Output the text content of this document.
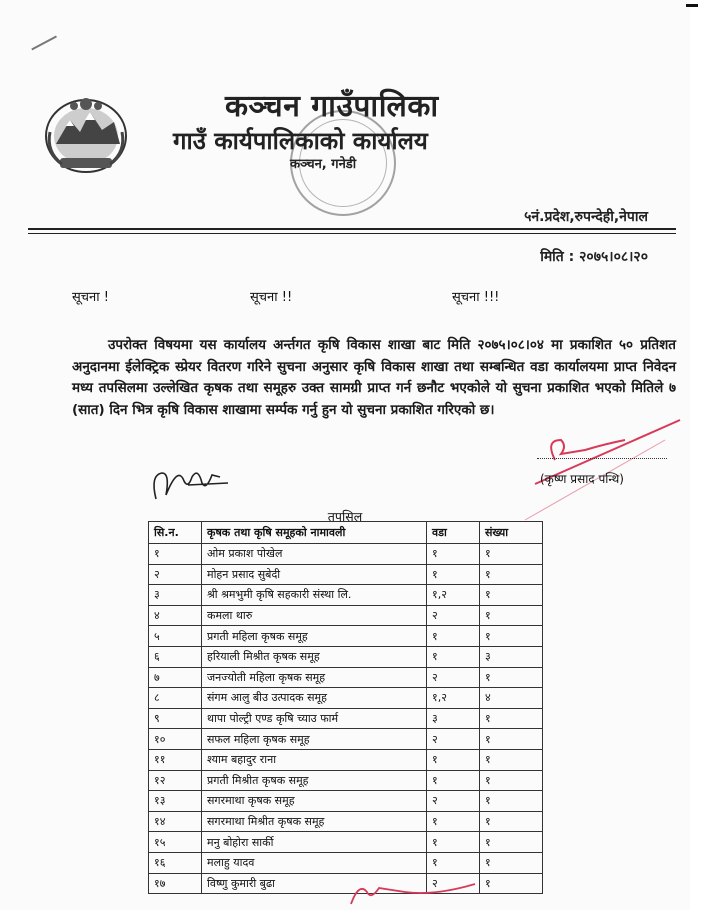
कञ्चन गाउँपालिका
गाउँ कार्यपालिकाको कार्यालय
कञ्चन, गनेडी
५नं.प्रदेश,रुपन्देही,नेपाल
मिति : २०७५।०८।२०
सूचना !	सूचना !!	सूचना !!!
उपरोक्त विषयमा यस कार्यालय अर्न्तगत कृषि विकास शाखा बाट मिति २०७५।०८।०४ मा प्रकाशित ५० प्रतिशत अनुदानमा ईलेक्ट्रिक स्प्रेयर वितरण गरिने सुचना अनुसार कृषि विकास शाखा तथा सम्बन्धित वडा कार्यालयमा प्राप्त निवेदन मध्य तपसिलमा उल्लेखित कृषक तथा समूहरु उक्त सामग्री प्राप्त गर्न छनौट भएकोले यो सुचना प्रकाशित भएको मितिले ७ (सात) दिन भित्र कृषि विकास शाखामा सर्म्पक गर्नु हुन यो सुचना प्रकाशित गरिएको छ।
(कृष्ण प्रसाद पन्थि)
तपसिल
सि.न.	कृषक तथा कृषि समूहको नामावली	वडा	संख्या
१	ओम प्रकाश पोखेल	१	१
२	मोहन प्रसाद सुबेदी	१	१
३	श्री श्रमभुमी कृषि सहकारी संस्था लि.	१,२	१
४	कमला थारु	२	१
५	प्रगती महिला कृषक समूह	१	१
६	हरियाली मिश्रीत कृषक समूह	१	३
७	जनज्योती महिला कृषक समूह	२	१
८	संगम आलु बीउ उत्पादक समूह	१,२	४
९	थापा पोल्ट्री एण्ड कृषि च्याउ फार्म	३	१
१०	सफल महिला कृषक समूह	२	१
११	श्याम बहादुर राना	१	१
१२	प्रगती मिश्रीत कृषक समूह	१	१
१३	सगरमाथा कृषक समूह	२	१
१४	सगरमाथा मिश्रीत कृषक समूह	१	१
१५	मनु बोहोरा सार्की	१	१
१६	मलाहु यादव	१	१
१७	विष्णु कुमारी बुढा	२	१
